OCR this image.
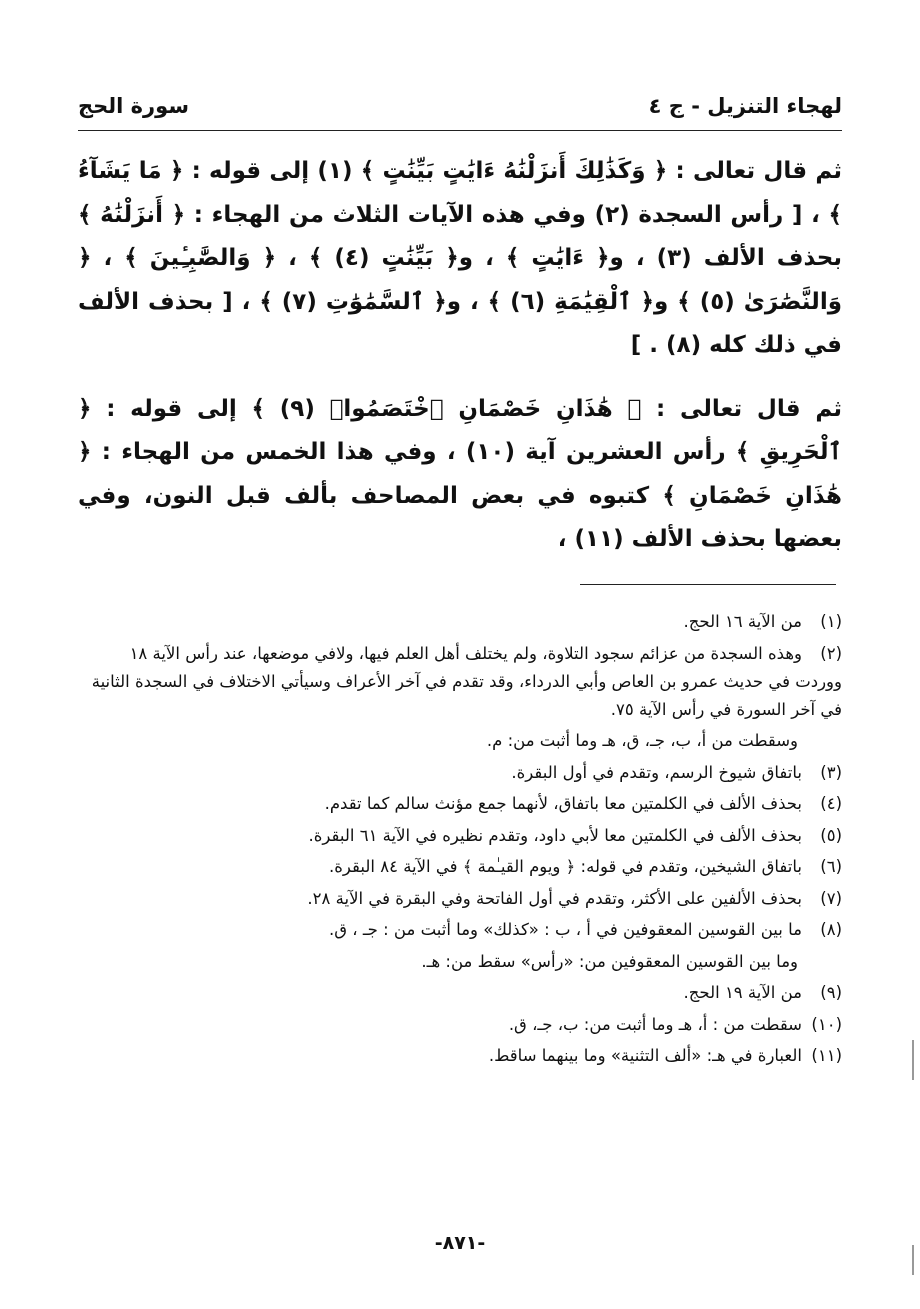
سورة الحج	لهجاء التنزيل - ج ٤

ثم قال تعالى : ﴿ وَكَذَٰلِكَ أَنزَلْنَٰهُ ءَايَٰتٍ بَيِّنَٰتٍ ﴾ (١) إلى قوله : ﴿ مَا يَشَآءُ ﴾ ، [ رأس السجدة (٢) وفي هذه الآيات الثلاث من الهجاء : ﴿ أَنزَلْنَٰهُ ﴾ بحذف الألف (٣) ، و﴿ ءَايَٰتٍ ﴾ ، و﴿ بَيِّنَٰتٍ (٤) ﴾ ، ﴿ وَالصَّٰبِـِٔينَ ﴾ ، ﴿ وَالنَّصَٰرَىٰ (٥) ﴾ و﴿ ٱلْقِيَٰمَةِ (٦) ﴾ ، و﴿ ٱلسَّمَٰوَٰتِ (٧) ﴾ ، [ بحذف الألف في ذلك كله (٨) . ]

ثم قال تعالى : ﴿ هَٰذَانِ خَصْمَانِ ٱخْتَصَمُوا۟ (٩) ﴾ إلى قوله : ﴿ ٱلْحَرِيقِ ﴾ رأس العشرين آية (١٠) ، وفي هذا الخمس من الهجاء : ﴿ هَٰذَانِ خَصْمَانِ ﴾ كتبوه في بعض المصاحف بألف قبل النون، وفي بعضها بحذف الألف (١١) ،

(١)من الآية ١٦ الحج.
(٢)وهذه السجدة من عزائم سجود التلاوة، ولم يختلف أهل العلم فيها، ولافي موضعها، عند رأس الآية ١٨ ووردت في حديث عمرو بن العاص وأبي الدرداء، وقد تقدم في آخر الأعراف وسيأتي الاختلاف في السجدة الثانية في آخر السورة في رأس الآية ٧٥.
وسقطت من أ، ب، جـ، ق، هـ وما أثبت من: م.
(٣)باتفاق شيوخ الرسم، وتقدم في أول البقرة.
(٤)بحذف الألف في الكلمتين معا باتفاق، لأنهما جمع مؤنث سالم كما تقدم.
(٥)بحذف الألف في الكلمتين معا لأبي داود، وتقدم نظيره في الآية ٦١ البقرة.
(٦)باتفاق الشيخين، وتقدم في قوله: ﴿ ويوم القيـٰمة ﴾ في الآية ٨٤ البقرة.
(٧)بحذف الألفين على الأكثر، وتقدم في أول الفاتحة وفي البقرة في الآية ٢٨.
(٨)ما بين القوسين المعقوفين في أ ، ب : «كذلك» وما أثبت من : جـ ، ق.
وما بين القوسين المعقوفين من: «رأس» سقط من: هـ.
(٩)من الآية ١٩ الحج.
(١٠)سقطت من : أ، هـ وما أثبت من: ب، جـ، ق.
(١١)العبارة في هـ: «ألف التثنية» وما بينهما ساقط.
-٨٧١-
